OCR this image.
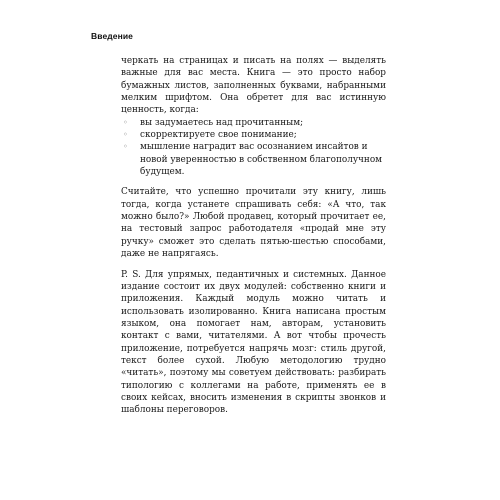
Введение

черкать на страницах и писать на полях — выделять важные для вас места. Книга — это просто набор бумажных листов, заполненных буквами, набранными мелким шрифтом. Она обретет для вас истинную ценность, когда:

◦ вы задумаетесь над прочитанным;
◦ скорректируете свое понимание;
◦ мышление наградит вас осознанием инсайтов и новой уверенностью в собственном благополучном будущем.

Считайте, что успешно прочитали эту книгу, лишь тогда, когда устанете спрашивать себя: «А что, так можно было?» Любой продавец, который прочитает ее, на тестовый запрос работодателя «продай мне эту ручку» сможет это сделать пятью-шестью способами, даже не напрягаясь.

P. S. Для упрямых, педантичных и системных. Данное издание состоит их двух модулей: собственно книги и приложения. Каждый модуль можно читать и использовать изолированно. Книга написана простым языком, она помогает нам, авторам, установить контакт с вами, читателями. А вот чтобы прочесть приложение, потребуется напрячь мозг: стиль другой, текст более сухой. Любую методологию трудно «читать», поэтому мы советуем действовать: разбирать типологию с коллегами на работе, применять ее в своих кейсах, вносить изменения в скрипты звонков и шаблоны переговоров.
